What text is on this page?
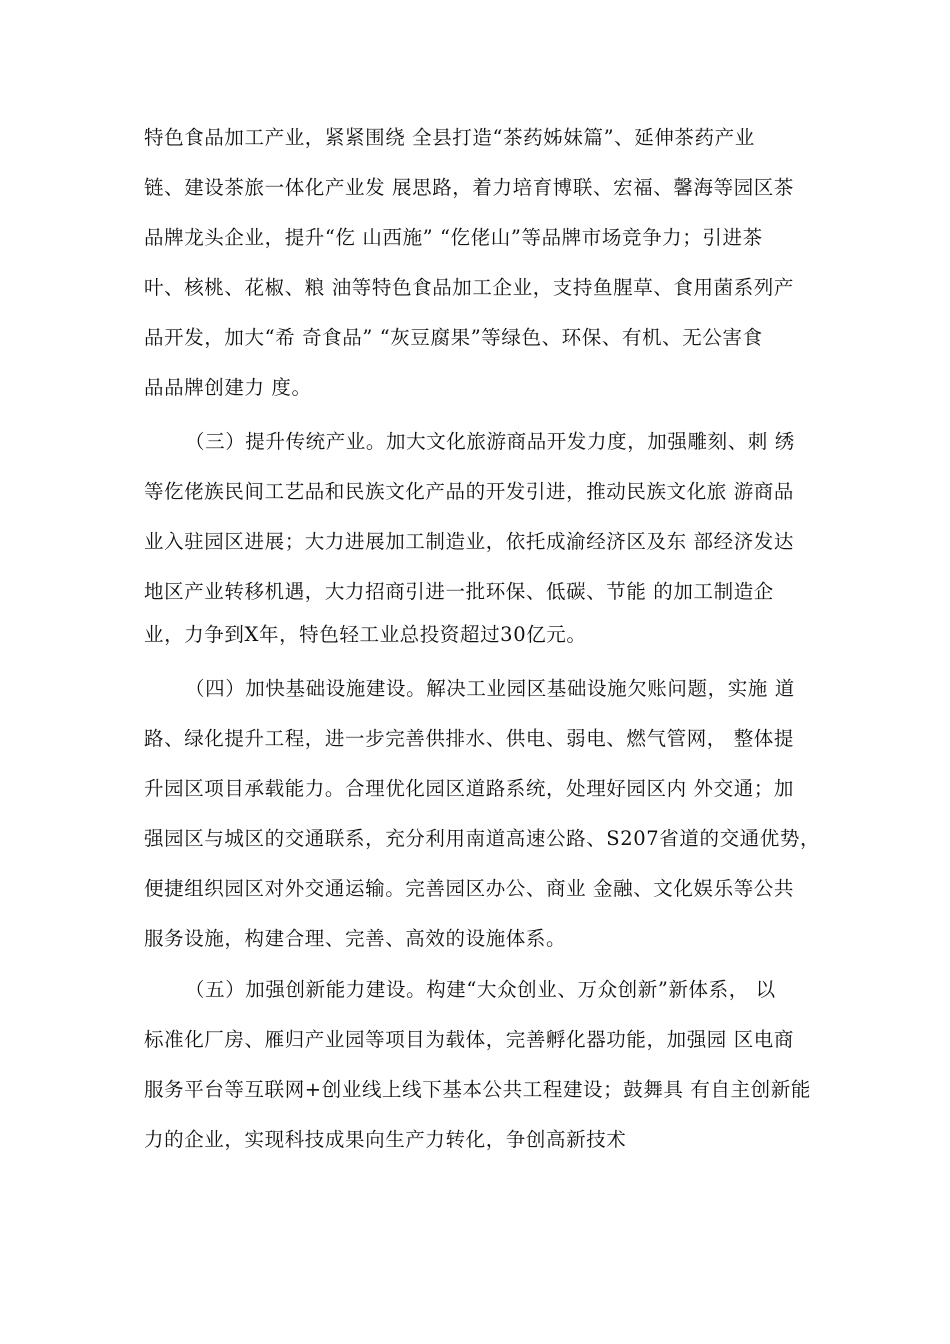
特色食品加工产业，紧紧围绕 全县打造“茶药姊妹篇”、延伸茶药产业
链、建设茶旅一体化产业发 展思路，着力培育博联、宏福、馨海等园区茶
品牌龙头企业，提升“仡 山西施” “仡佬山”等品牌市场竞争力；引进茶
叶、核桃、花椒、粮 油等特色食品加工企业，支持鱼腥草、食用菌系列产
品开发，加大“希 奇食品” “灰豆腐果”等绿色、环保、有机、无公害食
品品牌创建力 度。
（三）提升传统产业。加大文化旅游商品开发力度，加强雕刻、刺 绣
等仡佬族民间工艺品和民族文化产品的开发引进，推动民族文化旅 游商品
业入驻园区进展；大力进展加工制造业，依托成渝经济区及东 部经济发达
地区产业转移机遇，大力招商引进一批环保、低碳、节能 的加工制造企
业，力争到X年，特色轻工业总投资超过30亿元。
（四）加快基础设施建设。解决工业园区基础设施欠账问题，实施 道
路、绿化提升工程，进一步完善供排水、供电、弱电、燃气管网， 整体提
升园区项目承载能力。合理优化园区道路系统，处理好园区内 外交通；加
强园区与城区的交通联系，充分利用南道高速公路、S207省道的交通优势，
便捷组织园区对外交通运输。完善园区办公、商业 金融、文化娱乐等公共
服务设施，构建合理、完善、高效的设施体系。
（五）加强创新能力建设。构建“大众创业、万众创新”新体系， 以
标准化厂房、雁归产业园等项目为载体，完善孵化器功能，加强园 区电商
服务平台等互联网+创业线上线下基本公共工程建设；鼓舞具 有自主创新能
力的企业，实现科技成果向生产力转化，争创高新技术
